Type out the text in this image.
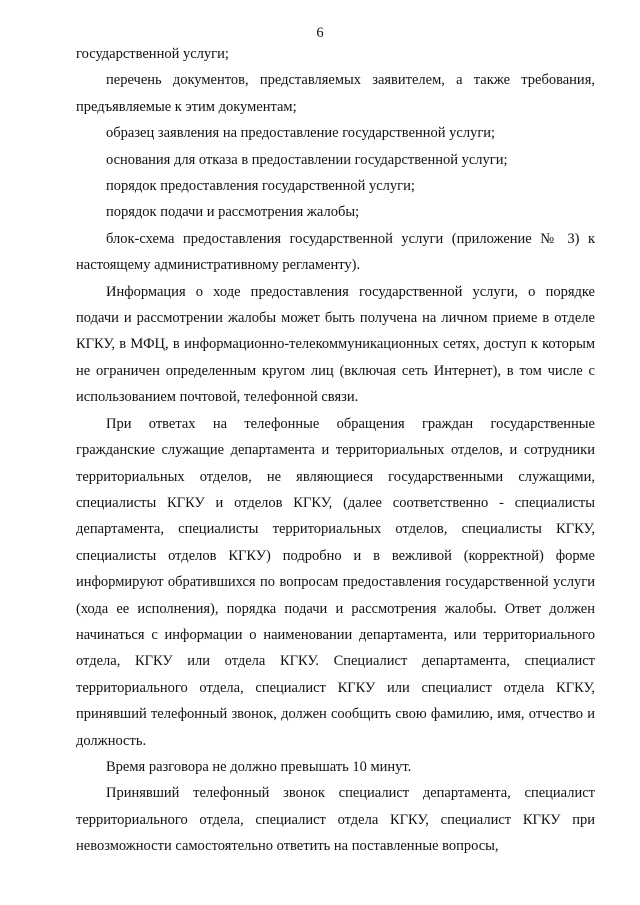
6

государственной услуги;

перечень документов, представляемых заявителем, а также требования, предъявляемые к этим документам;

образец заявления на предоставление государственной услуги;

основания для отказа в предоставлении государственной услуги;

порядок предоставления государственной услуги;

порядок подачи и рассмотрения жалобы;

блок-схема предоставления государственной услуги (приложение № 3) к настоящему административному регламенту).

Информация о ходе предоставления государственной услуги, о порядке подачи и рассмотрении жалобы может быть получена на личном приеме в отделе КГКУ, в МФЦ, в информационно-телекоммуникационных сетях, доступ к которым не ограничен определенным кругом лиц (включая сеть Интернет), в том числе с использованием почтовой, телефонной связи.

При ответах на телефонные обращения граждан государственные гражданские служащие департамента и территориальных отделов, и сотрудники территориальных отделов, не являющиеся государственными служащими, специалисты КГКУ и отделов КГКУ, (далее соответственно - специалисты департамента, специалисты территориальных отделов, специалисты КГКУ, специалисты отделов КГКУ) подробно и в вежливой (корректной) форме информируют обратившихся по вопросам предоставления государственной услуги (хода ее исполнения), порядка подачи и рассмотрения жалобы. Ответ должен начинаться с информации о наименовании департамента, или территориального отдела, КГКУ или отдела КГКУ. Специалист департамента, специалист территориального отдела, специалист КГКУ или специалист отдела КГКУ, принявший телефонный звонок, должен сообщить свою фамилию, имя, отчество и должность.

Время разговора не должно превышать 10 минут.

Принявший телефонный звонок специалист департамента, специалист территориального отдела, специалист отдела КГКУ, специалист КГКУ при невозможности самостоятельно ответить на поставленные вопросы,
